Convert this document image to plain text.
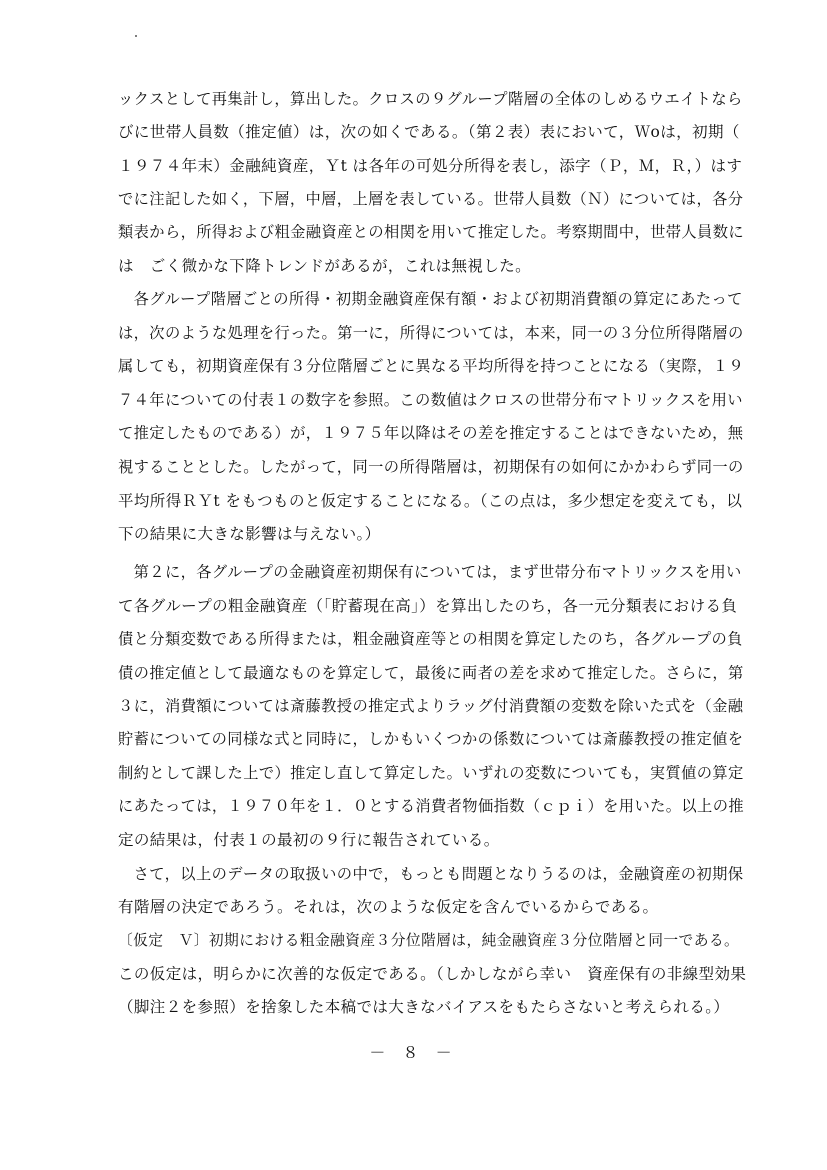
ックスとして再集計し，算出した。クロスの９グループ階層の全体のしめるウエイトなら
びに世帯人員数（推定値）は，次の如くである。（第２表）表において，Ｗoは，初期（
１９７４年末）金融純資産，Ｙt は各年の可処分所得を表し，添字（Ｐ，Ｍ，Ｒ，）はす
でに注記した如く，下層，中層，上層を表している。世帯人員数（Ｎ）については，各分
類表から，所得および粗金融資産との相関を用いて推定した。考察期間中，世帯人員数に
は　ごく微かな下降トレンドがあるが，これは無視した。
　各グループ階層ごとの所得・初期金融資産保有額・および初期消費額の算定にあたって
は，次のような処理を行った。第一に，所得については，本来，同一の３分位所得階層の
属しても，初期資産保有３分位階層ごとに異なる平均所得を持つことになる（実際，１９
７４年についての付表１の数字を参照。この数値はクロスの世帯分布マトリックスを用い
て推定したものである）が，１９７５年以降はその差を推定することはできないため，無
視することとした。したがって，同一の所得階層は，初期保有の如何にかかわらず同一の
平均所得ＲＹt をもつものと仮定することになる。（この点は，多少想定を変えても，以
下の結果に大きな影響は与えない。）
　第２に，各グループの金融資産初期保有については，まず世帯分布マトリックスを用い
て各グループの粗金融資産（「貯蓄現在高」）を算出したのち，各一元分類表における負
債と分類変数である所得または，粗金融資産等との相関を算定したのち，各グループの負
債の推定値として最適なものを算定して，最後に両者の差を求めて推定した。さらに，第
３に，消費額については斎藤教授の推定式よりラッグ付消費額の変数を除いた式を（金融
貯蓄についての同様な式と同時に，しかもいくつかの係数については斎藤教授の推定値を
制約として課した上で）推定し直して算定した。いずれの変数についても，実質値の算定
にあたっては，１９７０年を１．０とする消費者物価指数（ｃｐｉ）を用いた。以上の推
定の結果は，付表１の最初の９行に報告されている。
　さて，以上のデータの取扱いの中で，もっとも問題となりうるのは，金融資産の初期保
有階層の決定であろう。それは，次のような仮定を含んでいるからである。
〔仮定　Ｖ〕初期における粗金融資産３分位階層は，純金融資産３分位階層と同一である。
この仮定は，明らかに次善的な仮定である。（しかしながら幸い　資産保有の非線型効果
（脚注２を参照）を捨象した本稿では大きなバイアスをもたらさないと考えられる。）
－ ８ －
